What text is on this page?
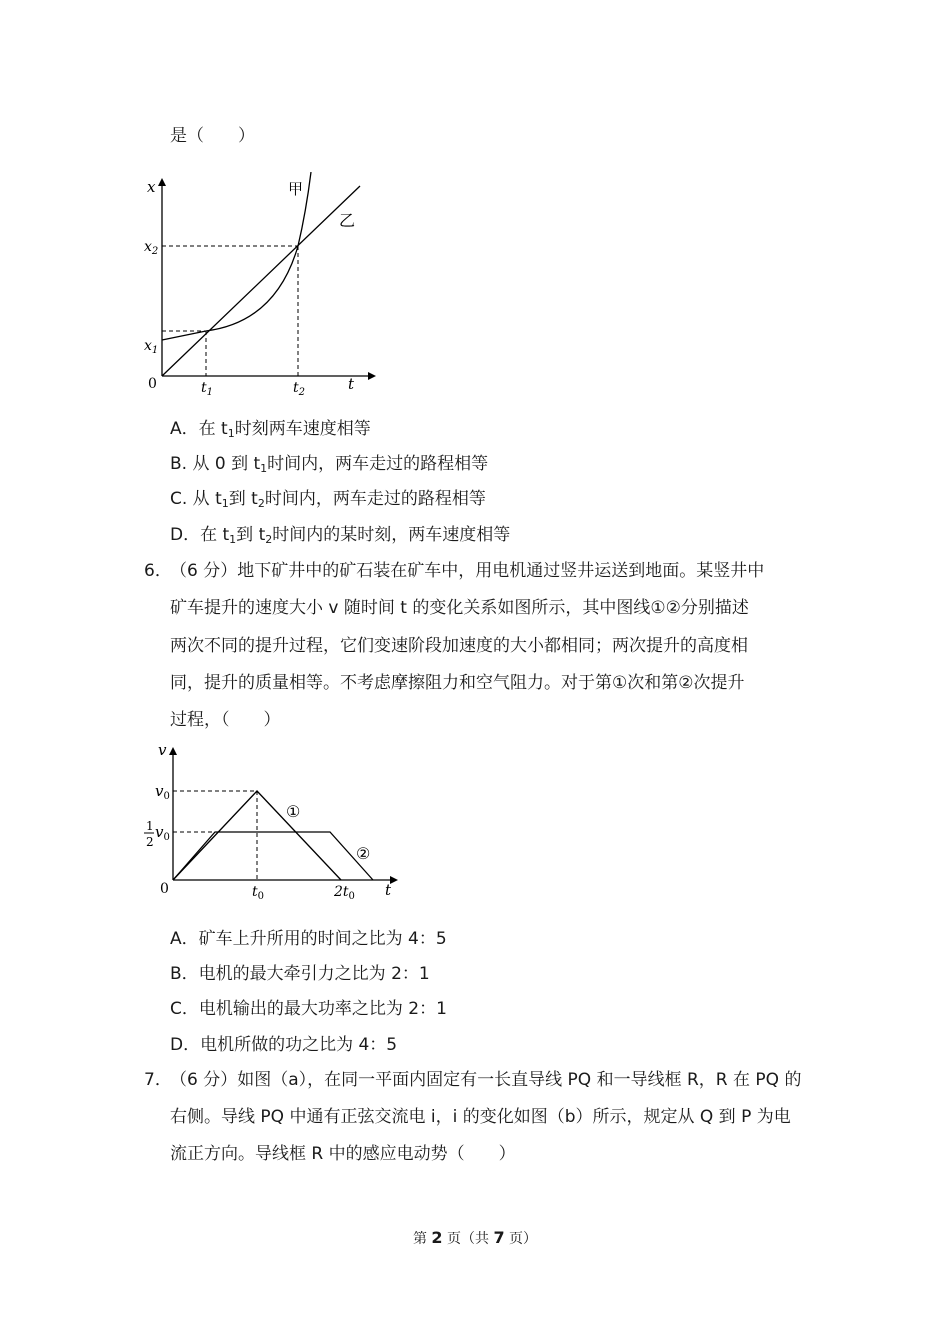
是（　　）
x
t
0
$x_2$
$x_1$
$t_1$	$t_2$
甲
乙
A．在 $t_1$时刻两车速度相等
B. 从 0 到 $t_1$时间内，两车走过的路程相等
C. 从 $t_1$到 $t_2$时间内，两车走过的路程相等
D．在 $t_1$到 $t_2$时间内的某时刻，两车速度相等
6．
（6 分）地下矿井中的矿石装在矿车中，用电机通过竖井运送到地面。某竖井中
矿车提升的速度大小 v 随时间 t 的变化关系如图所示，其中图线①②分别描述
两次不同的提升过程，它们变速阶段加速度的大小都相同；两次提升的高度相
同，提升的质量相等。不考虑摩擦阻力和空气阻力。对于第①次和第②次提升
过程，（　　）
v
t
0
$v_0$
1
2
$v_0$
$t_0$	$2t_0$
①
②
A．矿车上升所用的时间之比为 4：5
B．电机的最大牵引力之比为 2：1
C．电机输出的最大功率之比为 2：1
D．电机所做的功之比为 4：5
7．
（6 分）如图（a），在同一平面内固定有一长直导线 PQ 和一导线框 R，R 在 PQ 的
右侧。导线 PQ 中通有正弦交流电 i，i 的变化如图（b）所示，规定从 Q 到 P 为电
流正方向。导线框 R 中的感应电动势（　　）
第 2 页（共 7 页）
